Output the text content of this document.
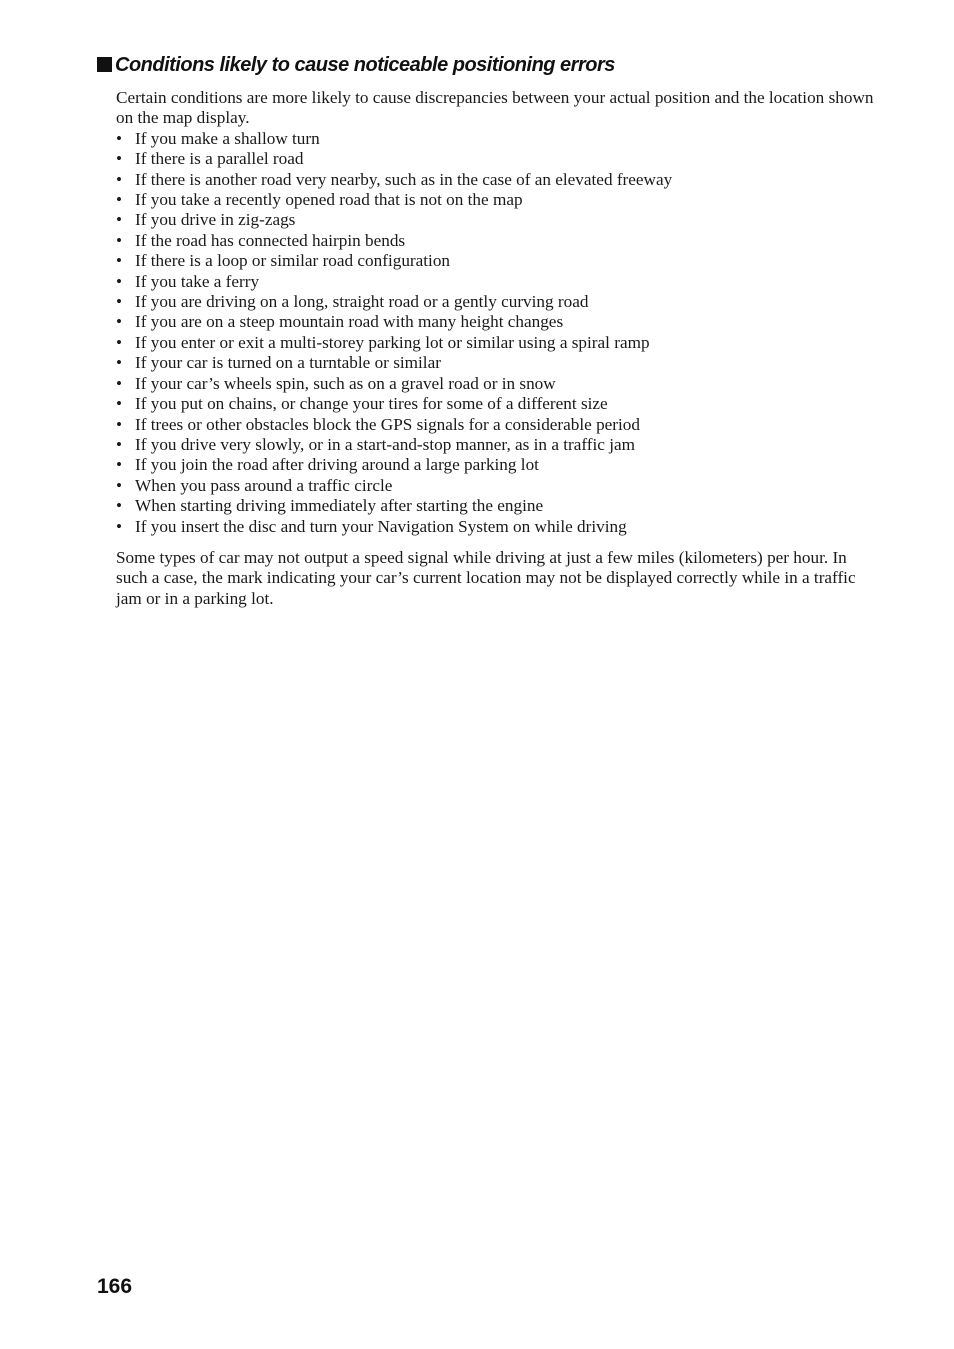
Conditions likely to cause noticeable positioning errors

Certain conditions are more likely to cause discrepancies between your actual position and the location shown on the map display.

• If you make a shallow turn
• If there is a parallel road
• If there is another road very nearby, such as in the case of an elevated freeway
• If you take a recently opened road that is not on the map
• If you drive in zig-zags
• If the road has connected hairpin bends
• If there is a loop or similar road configuration
• If you take a ferry
• If you are driving on a long, straight road or a gently curving road
• If you are on a steep mountain road with many height changes
• If you enter or exit a multi-storey parking lot or similar using a spiral ramp
• If your car is turned on a turntable or similar
• If your car’s wheels spin, such as on a gravel road or in snow
• If you put on chains, or change your tires for some of a different size
• If trees or other obstacles block the GPS signals for a considerable period
• If you drive very slowly, or in a start-and-stop manner, as in a traffic jam
• If you join the road after driving around a large parking lot
• When you pass around a traffic circle
• When starting driving immediately after starting the engine
• If you insert the disc and turn your Navigation System on while driving

Some types of car may not output a speed signal while driving at just a few miles (kilometers) per hour. In such a case, the mark indicating your car’s current location may not be displayed correctly while in a traffic jam or in a parking lot.

166
